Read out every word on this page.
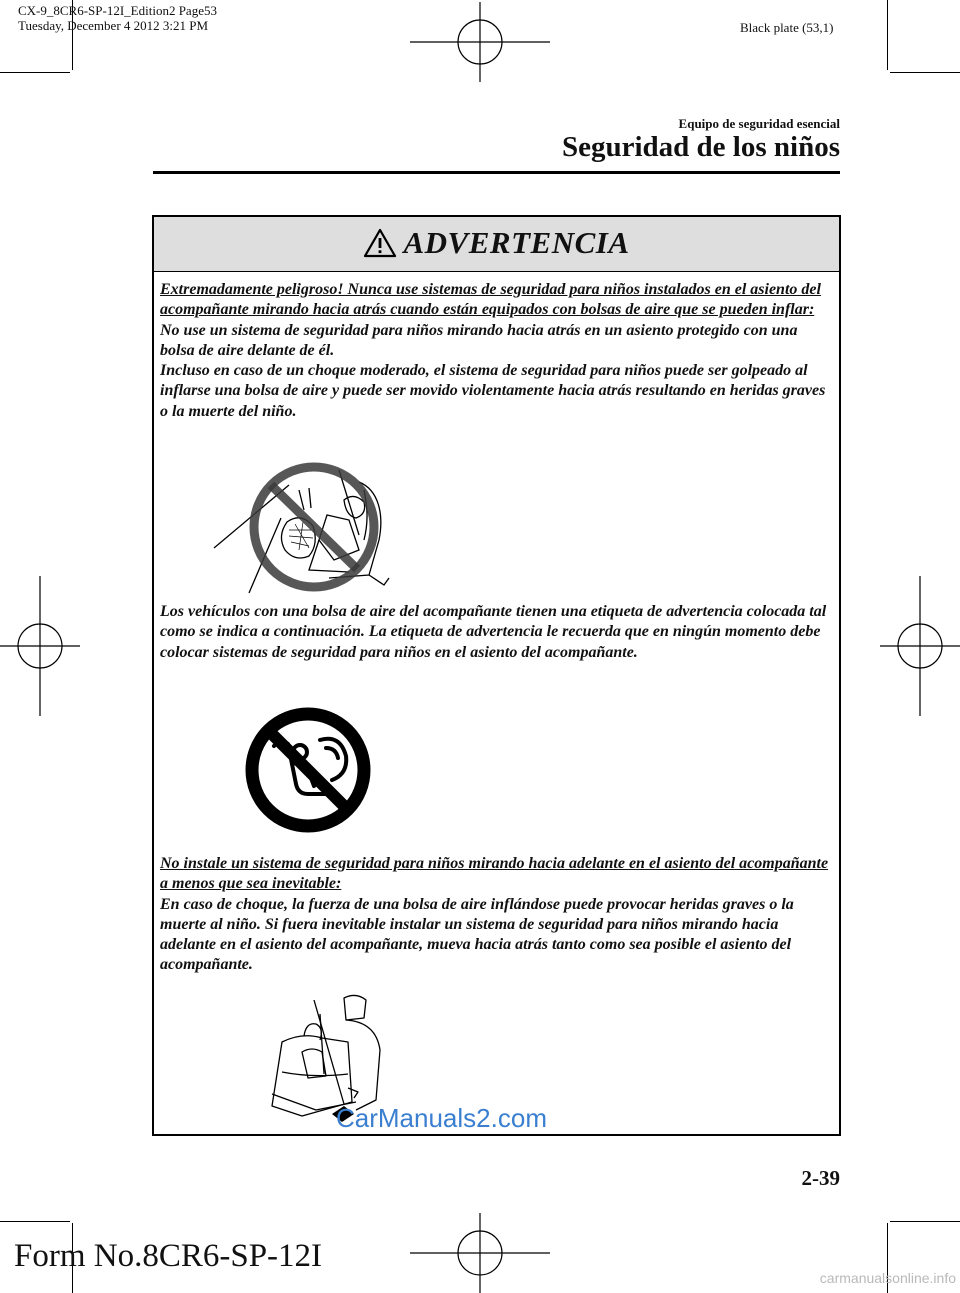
CX-9_8CR6-SP-12I_Edition2 Page53
Tuesday, December 4 2012 3:21 PM	Black plate (53,1)
Equipo de seguridad esencial
Seguridad de los niños
ADVERTENCIA

Extremadamente peligroso! Nunca use sistemas de seguridad para niños instalados en el asiento del acompañante mirando hacia atrás cuando están equipados con bolsas de aire que se pueden inflar:

No use un sistema de seguridad para niños mirando hacia atrás en un asiento protegido con una bolsa de aire delante de él.

Incluso en caso de un choque moderado, el sistema de seguridad para niños puede ser golpeado al inflarse una bolsa de aire y puede ser movido violentamente hacia atrás resultando en heridas graves o la muerte del niño.

Los vehículos con una bolsa de aire del acompañante tienen una etiqueta de advertencia colocada tal como se indica a continuación. La etiqueta de advertencia le recuerda que en ningún momento debe colocar sistemas de seguridad para niños en el asiento del acompañante.

No instale un sistema de seguridad para niños mirando hacia adelante en el asiento del acompañante a menos que sea inevitable:

En caso de choque, la fuerza de una bolsa de aire inflándose puede provocar heridas graves o la muerte al niño. Si fuera inevitable instalar un sistema de seguridad para niños mirando hacia adelante en el asiento del acompañante, mueva hacia atrás tanto como sea posible el asiento del acompañante.

CarManuals2.com
2-39
Form No.8CR6-SP-12I
carmanualsonline.info
